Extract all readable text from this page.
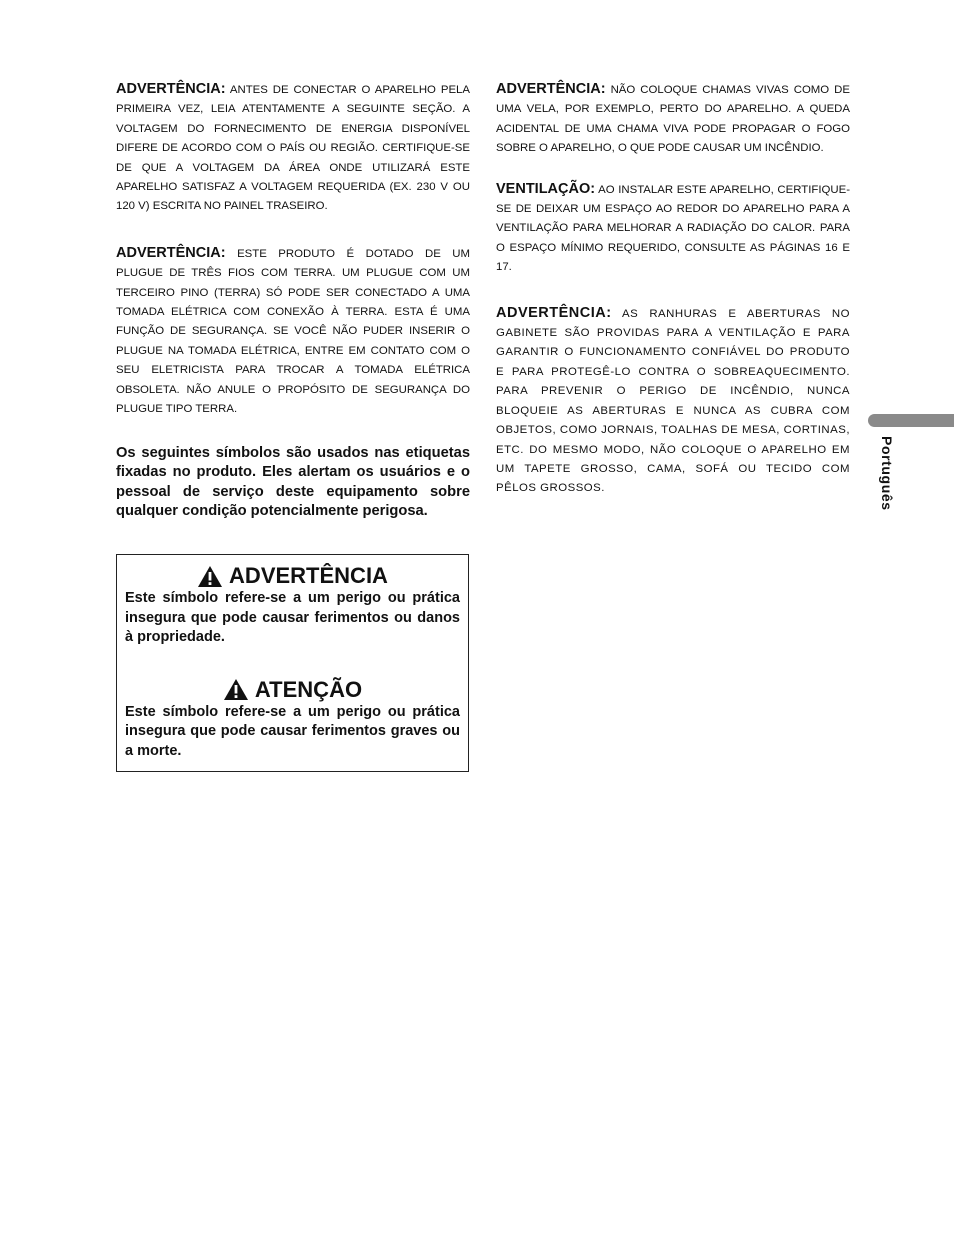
ADVERTÊNCIA: ANTES DE CONECTAR O APARELHO PELA PRIMEIRA VEZ, LEIA ATENTAMENTE A SEGUINTE SEÇÃO. A VOLTAGEM DO FORNECIMENTO DE ENERGIA DISPONÍVEL DIFERE DE ACORDO COM O PAÍS OU REGIÃO. CERTIFIQUE-SE DE QUE A VOLTAGEM DA ÁREA ONDE UTILIZARÁ ESTE APARELHO SATISFAZ A VOLTAGEM REQUERIDA (EX. 230 V OU 120 V) ESCRITA NO PAINEL TRASEIRO.

ADVERTÊNCIA: ESTE PRODUTO É DOTADO DE UM PLUGUE DE TRÊS FIOS COM TERRA. UM PLUGUE COM UM TERCEIRO PINO (TERRA) SÓ PODE SER CONECTADO A UMA TOMADA ELÉTRICA COM CONEXÃO À TERRA. ESTA É UMA FUNÇÃO DE SEGURANÇA. SE VOCÊ NÃO PUDER INSERIR O PLUGUE NA TOMADA ELÉTRICA, ENTRE EM CONTATO COM O SEU ELETRICISTA PARA TROCAR A TOMADA ELÉTRICA OBSOLETA. NÃO ANULE O PROPÓSITO DE SEGURANÇA DO PLUGUE TIPO TERRA.

Os seguintes símbolos são usados nas etiquetas fixadas no produto. Eles alertam os usuários e o pessoal de serviço deste equipamento sobre qualquer condição potencialmente perigosa.

ADVERTÊNCIA

Este símbolo refere-se a um perigo ou prática insegura que pode causar ferimentos ou danos à propriedade.

ATENÇÃO

Este símbolo refere-se a um perigo ou prática insegura que pode causar ferimentos graves ou a morte.

ADVERTÊNCIA: NÃO COLOQUE CHAMAS VIVAS COMO DE UMA VELA, POR EXEMPLO, PERTO DO APARELHO. A QUEDA ACIDENTAL DE UMA CHAMA VIVA PODE PROPAGAR O FOGO SOBRE O APARELHO, O QUE PODE CAUSAR UM INCÊNDIO.

VENTILAÇÃO: AO INSTALAR ESTE APARELHO, CERTIFIQUE-SE DE DEIXAR UM ESPAÇO AO REDOR DO APARELHO PARA A VENTILAÇÃO PARA MELHORAR A RADIAÇÃO DO CALOR. PARA O ESPAÇO MÍNIMO REQUERIDO, CONSULTE AS PÁGINAS 16 E 17.

ADVERTÊNCIA: AS RANHURAS E ABERTURAS NO GABINETE SÃO PROVIDAS PARA A VENTILAÇÃO E PARA GARANTIR O FUNCIONAMENTO CONFIÁVEL DO PRODUTO E PARA PROTEGÊ-LO CONTRA O SOBREAQUECIMENTO. PARA PREVENIR O PERIGO DE INCÊNDIO, NUNCA BLOQUEIE AS ABERTURAS E NUNCA AS CUBRA COM OBJETOS, COMO JORNAIS, TOALHAS DE MESA, CORTINAS, ETC. DO MESMO MODO, NÃO COLOQUE O APARELHO EM UM TAPETE GROSSO, CAMA, SOFÁ OU TECIDO COM PÊLOS GROSSOS.	Português
